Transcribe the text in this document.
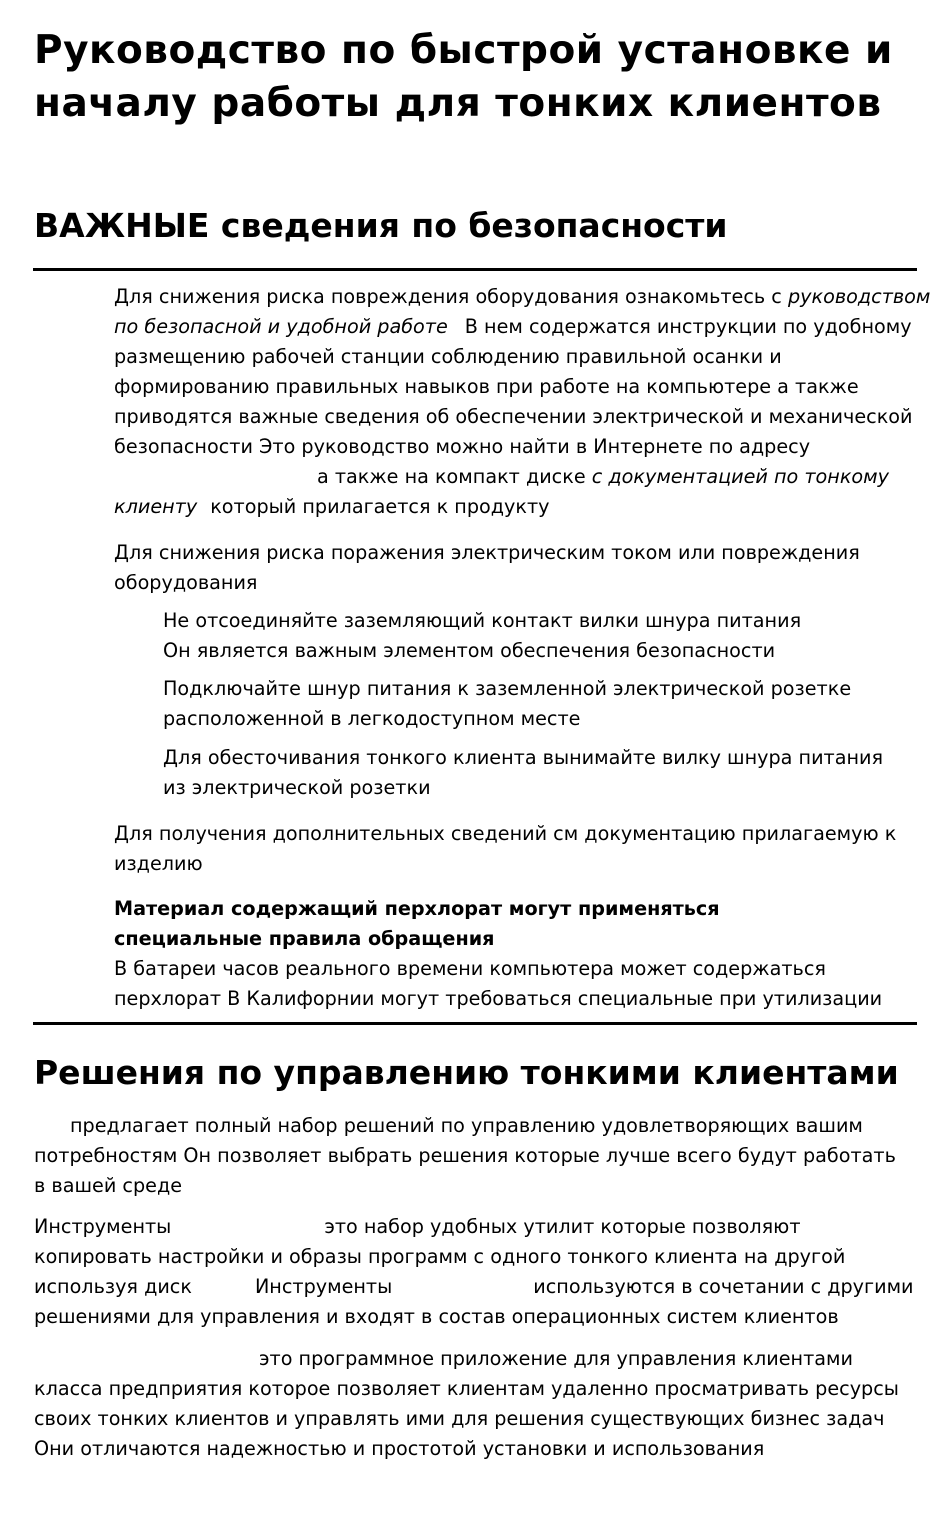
Руководство по быстрой установке и
началу работы для тонких клиентов
ВАЖНЫЕ сведения по безопасности
Для снижения риска повреждения оборудования ознакомьтесь с руководством
по безопасной и удобной работе В нем содержатся инструкции по удобному
размещению рабочей станции соблюдению правильной осанки и
формированию правильных навыков при работе на компьютере а также
приводятся важные сведения об обеспечении электрической и механической
безопасности Это руководство можно найти в Интернете по адресу
а также на компакт диске с документацией по тонкому
клиенту который прилагается к продукту
Для снижения риска поражения электрическим током или повреждения
оборудования
Не отсоединяйте заземляющий контакт вилки шнура питания
Он является важным элементом обеспечения безопасности
Подключайте шнур питания к заземленной электрической розетке
расположенной в легкодоступном месте
Для обесточивания тонкого клиента вынимайте вилку шнура питания
из электрической розетки
Для получения дополнительных сведений см документацию прилагаемую к
изделию
Материал содержащий перхлорат могут применяться
специальные правила обращения
В батареи часов реального времени компьютера может содержаться
перхлорат В Калифорнии могут требоваться специальные при утилизации
Решения по управлению тонкими клиентами
предлагает полный набор решений по управлению удовлетворяющих вашим
потребностям Он позволяет выбрать решения которые лучше всего будут работать
в вашей среде
Инструменты	это набор удобных утилит которые позволяют
копировать настройки и образы программ с одного тонкого клиента на другой
используя диск	Инструменты	используются в сочетании с другими
решениями для управления и входят в состав операционных систем клиентов
это программное приложение для управления клиентами
класса предприятия которое позволяет клиентам удаленно просматривать ресурсы
своих тонких клиентов и управлять ими для решения существующих бизнес задач
Они отличаются надежностью и простотой установки и использования
